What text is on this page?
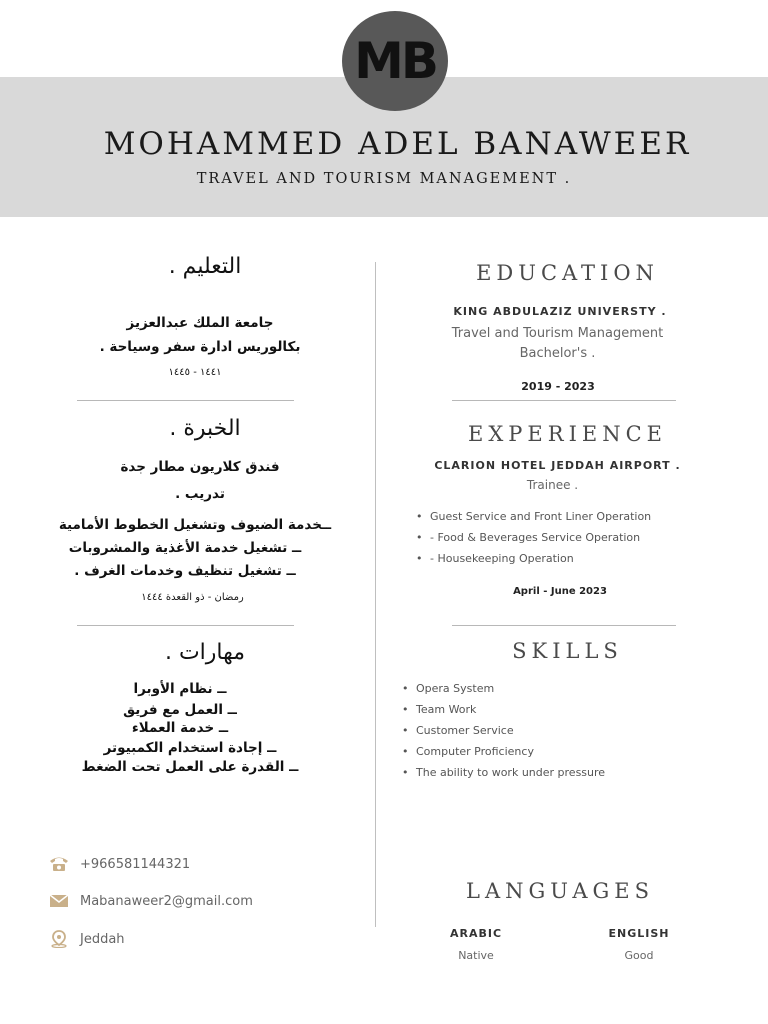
MB
MOHAMMED ADEL BANAWEER
TRAVEL AND TOURISM MANAGEMENT .
التعليم .
جامعة الملك عبدالعزيز
بكالوريس ادارة سفر وسياحة .
١٤٤١ - ١٤٤٥
الخبرة .
فندق كلاريون مطار جدة
تدريب .
ــخدمة الضيوف وتشغيل الخطوط الأمامية
ــ تشغيل خدمة الأغذية والمشروبات
ــ تشغيل تنظيف وخدمات الغرف .
رمضان - ذو القعدة ١٤٤٤
مهارات .
ــ نظام الأوبرا
ــ العمل مع فريق
ــ خدمة العملاء
ــ إجادة استخدام الكمبيوتر
ــ القدرة على العمل تحت الضغط
+966581144321
Mabanaweer2@gmail.com
Jeddah
EDUCATION
KING ABDULAZIZ UNIVERSTY .
Travel and Tourism Management
Bachelor's .
2019 - 2023
EXPERIENCE
CLARION HOTEL JEDDAH AIRPORT .
Trainee .
• Guest Service and Front Liner Operation
• - Food & Beverages Service Operation
• - Housekeeping Operation
April - June 2023
SKILLS
• Opera System
• Team Work
• Customer Service
• Computer Proficiency
• The ability to work under pressure
LANGUAGES
ARABIC
Native
ENGLISH
Good
